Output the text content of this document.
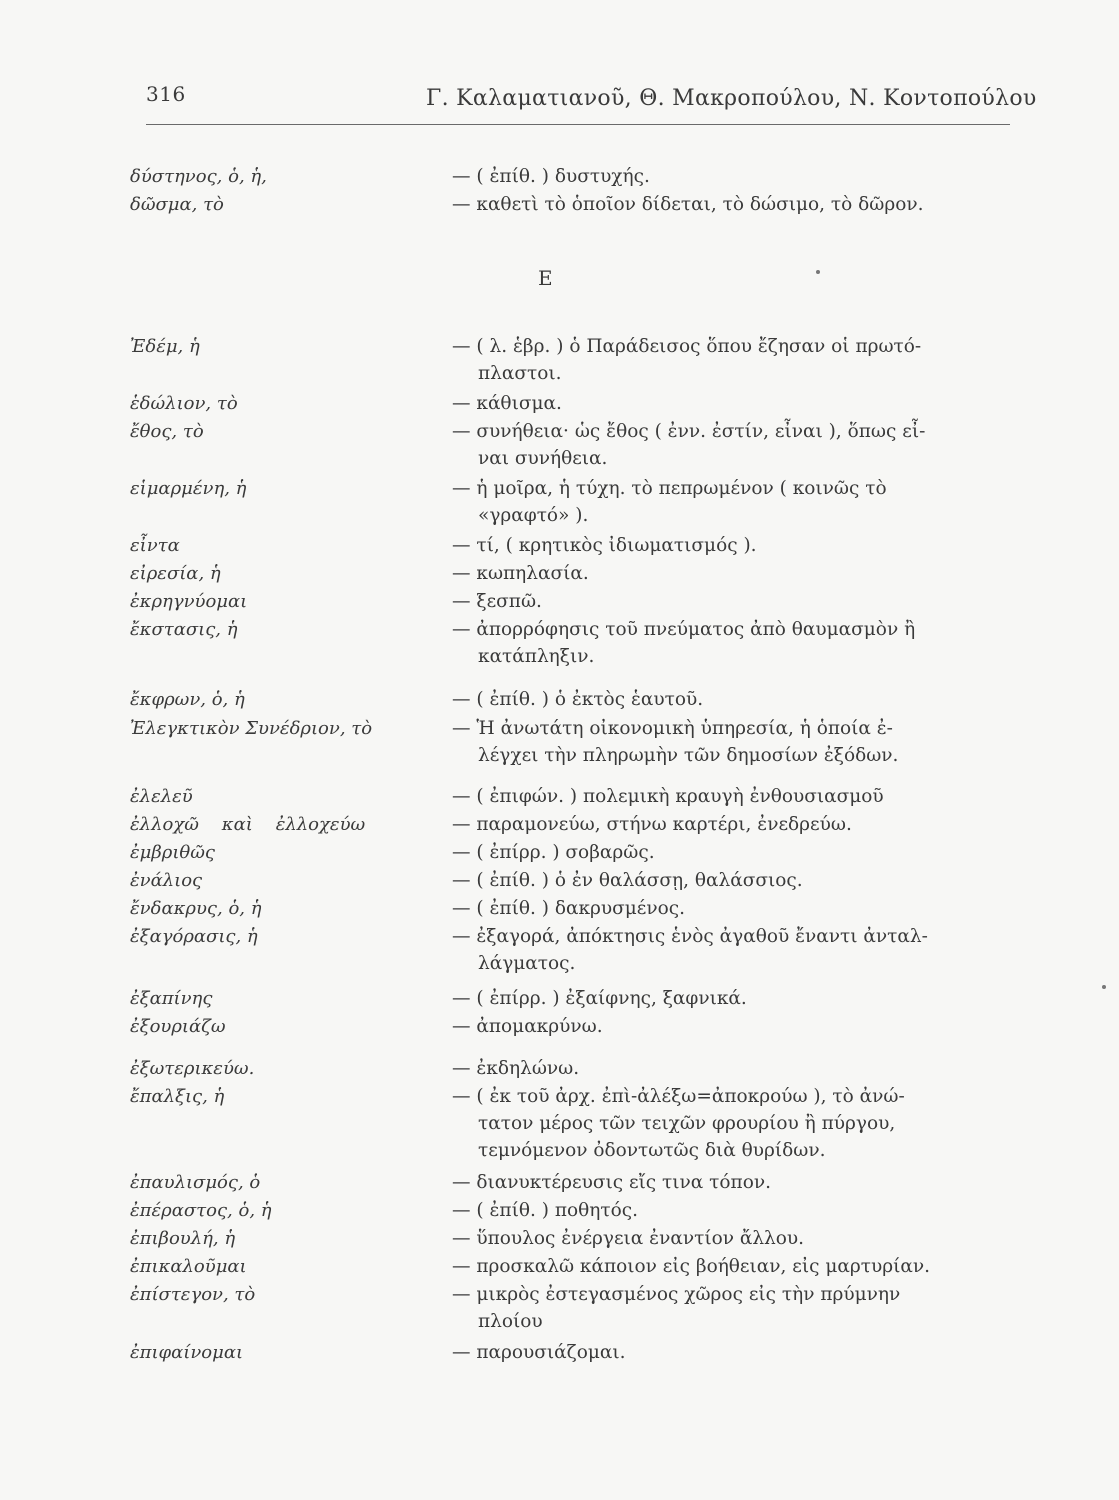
316	Γ. Καλαματιανοῦ, Θ. Μακροπούλου, Ν. Κοντοπούλου
Ε
δύστηνος, ὁ, ἡ,	— ( ἐπίθ. ) δυστυχής.
δῶσμα, τὸ	— καθετὶ τὸ ὁποῖον δίδεται, τὸ δώσιμο, τὸ δῶρον.
Ἐδέμ, ἡ	— ( λ. ἑβρ. ) ὁ Παράδεισος ὅπου ἔζησαν οἱ πρωτό-
πλαστοι.
ἑδώλιον, τὸ	— κάθισμα.
ἔθος, τὸ	— συνήθεια· ὡς ἔθος ( ἐνν. ἐστίν, εἶναι ), ὅπως εἶ-
ναι συνήθεια.
εἱμαρμένη, ἡ	— ἡ μοῖρα, ἡ τύχη. τὸ πεπρωμένον ( κοινῶς τὸ
«γραφτό» ).
εἶντα	— τί, ( κρητικὸς ἰδιωματισμός ).
εἰρεσία, ἡ	— κωπηλασία.
ἐκρηγνύομαι	— ξεσπῶ.
ἔκστασις, ἡ	— ἀπορρόφησις τοῦ πνεύματος ἀπὸ θαυμασμὸν ἢ
κατάπληξιν.
ἔκφρων, ὁ, ἡ	— ( ἐπίθ. ) ὁ ἐκτὸς ἑαυτοῦ.
Ἐλεγκτικὸν Συνέδριον, τὸ	— Ἡ ἀνωτάτη οἰκονομικὴ ὑπηρεσία, ἡ ὁποία ἐ-
λέγχει τὴν πληρωμὴν τῶν δημοσίων ἐξόδων.
ἐλελεῦ	— ( ἐπιφών. ) πολεμικὴ κραυγὴ ἐνθουσιασμοῦ
ἐλλοχῶ    καὶ    ἐλλοχεύω	— παραμονεύω, στήνω καρτέρι, ἐνεδρεύω.
ἐμβριθῶς	— ( ἐπίρρ. ) σοβαρῶς.
ἐνάλιος	— ( ἐπίθ. ) ὁ ἐν θαλάσσῃ, θαλάσσιος.
ἔνδακρυς, ὁ, ἡ	— ( ἐπίθ. ) δακρυσμένος.
ἐξαγόρασις, ἡ	— ἐξαγορά, ἀπόκτησις ἑνὸς ἀγαθοῦ ἔναντι ἀνταλ-
λάγματος.
ἐξαπίνης	— ( ἐπίρρ. ) ἐξαίφνης, ξαφνικά.
ἐξουριάζω	— ἀπομακρύνω.
ἐξωτερικεύω.	— ἐκδηλώνω.
ἔπαλξις, ἡ	— ( ἐκ τοῦ ἀρχ. ἐπὶ-ἀλέξω=ἀποκρούω ), τὸ ἀνώ-
τατον μέρος τῶν τειχῶν φρουρίου ἢ πύργου,
τεμνόμενον ὀδοντωτῶς διὰ θυρίδων.
ἐπαυλισμός, ὁ	— διανυκτέρευσις εἴς τινα τόπον.
ἐπέραστος, ὁ, ἡ	— ( ἐπίθ. ) ποθητός.
ἐπιβουλή, ἡ	— ὕπουλος ἐνέργεια ἐναντίον ἄλλου.
ἐπικαλοῦμαι	— προσκαλῶ κάποιον εἰς βοήθειαν, εἰς μαρτυρίαν.
ἐπίστεγον, τὸ	— μικρὸς ἐστεγασμένος χῶρος εἰς τὴν πρύμνην
πλοίου
ἐπιφαίνομαι	— παρουσιάζομαι.
